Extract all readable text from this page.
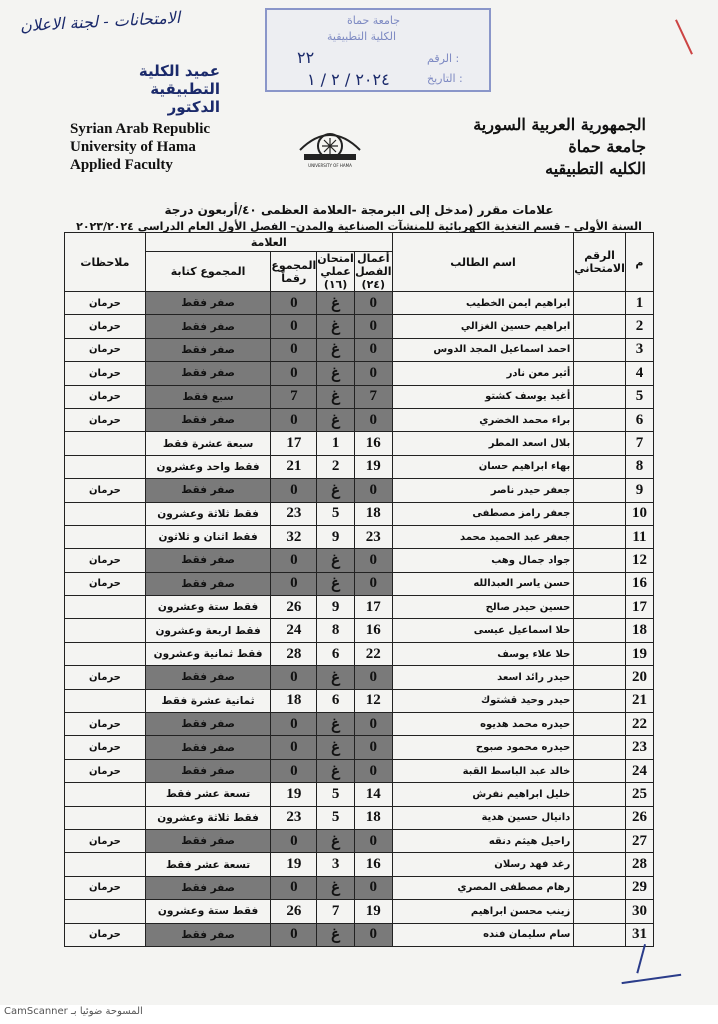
الامتحانات - لجنة الاعلان	جامعة حماة
الكلية التطبيقية
الرقم :
التاريخ :
٢٢
٢٠٢٤ / ٢ / ١
عميد الكلية التطبيقية
الدكتور
Syrian Arab Republic
University of Hama
Applied Faculty	UNIVERSITY OF HAMA
الجمهورية العربية السورية
جامعة حماة
الكليه التطبيقيه
علامات مقرر (مدخل إلى البرمجة -العلامة العظمى ٤٠/أربعون درجة
السنة الأولى – قسم التغذية الكهربائية للمنشآت الصناعية والمدن– الفصل الأول العام الدراسي ٢٠٢٣/٢٠٢٤
م	الرقم الامتحاني	اسم الطالب	العلامة				ملاحظات
			أعمال الفصل (٢٤)	امتحان عملي (١٦)	المجموع رقماً	المجموع كتابة	
1		ابراهيم ايمن الخطيب	0	غ	0	صفر فقط	حرمان
2		ابراهيم حسين الغزالي	0	غ	0	صفر فقط	حرمان
3		احمد اسماعيل المجد الدوس	0	غ	0	صفر فقط	حرمان
4		أثير معن نادر	0	غ	0	صفر فقط	حرمان
5		أغيد يوسف كشتو	7	غ	7	سبع فقط	حرمان
6		براء محمد الخضري	0	غ	0	صفر فقط	حرمان
7		بلال اسعد المطر	16	1	17	سبعة عشرة فقط	
8		بهاء ابراهيم حسان	19	2	21	فقط واحد وعشرون	
9		جعفر حيدر ناصر	0	غ	0	صفر فقط	حرمان
10		جعفر رامز مصطفى	18	5	23	فقط ثلاثة وعشرون	
11		جعفر عبد الحميد محمد	23	9	32	فقط اثنان و ثلاثون	
12		جواد جمال وهب	0	غ	0	صفر فقط	حرمان
16		حسن ياسر العبدالله	0	غ	0	صفر فقط	حرمان
17		حسين حيدر صالح	17	9	26	فقط ستة وعشرون	
18		حلا اسماعيل عيسى	16	8	24	فقط اربعة وعشرون	
19		حلا علاء يوسف	22	6	28	فقط ثمانية وعشرون	
20		حيدر رائد اسعد	0	غ	0	صفر فقط	حرمان
21		حيدر وحيد قشتوك	12	6	18	ثمانية عشرة فقط	
22		حيدره محمد هديوه	0	غ	0	صفر فقط	حرمان
23		حيدره محمود صبوح	0	غ	0	صفر فقط	حرمان
24		خالد عبد الباسط القبة	0	غ	0	صفر فقط	حرمان
25		خليل ابراهيم نفرش	14	5	19	تسعة عشر فقط	
26		دانيال حسين هدية	18	5	23	فقط ثلاثة وعشرون	
27		راحيل هيثم دنقه	0	غ	0	صفر فقط	حرمان
28		رغد فهد رسلان	16	3	19	تسعة عشر فقط	
29		رهام مصطفى المصري	0	غ	0	صفر فقط	حرمان
30		زينب محسن ابراهيم	19	7	26	فقط ستة وعشرون	
31		سام سليمان فنده	0	غ	0	صفر فقط	حرمان
CamScanner المسوحة ضوئيا بـ
